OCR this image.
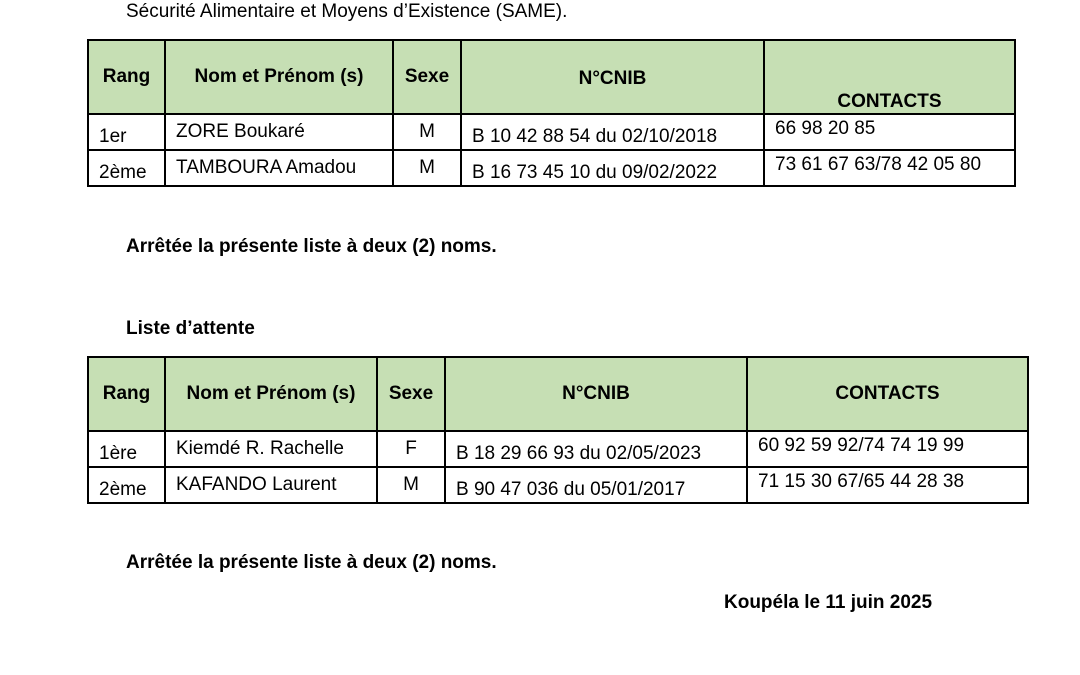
Sécurité Alimentaire et Moyens d’Existence (SAME).
Rang	Nom et Prénom (s)	Sexe	N°CNIB	CONTACTS
1er	ZORE Boukaré	M	B 10 42 88 54 du 02/10/2018	66 98 20 85
2ème	TAMBOURA Amadou	M	B 16 73 45 10 du 09/02/2022	73 61 67 63/78 42 05 80
Arrêtée la présente liste à deux (2) noms.
Liste d’attente
Rang	Nom et Prénom (s)	Sexe	N°CNIB	CONTACTS
1ère	Kiemdé R. Rachelle	F	B 18 29 66 93 du 02/05/2023	60 92 59 92/74 74 19 99
2ème	KAFANDO Laurent	M	B 90 47 036 du 05/01/2017	71 15 30 67/65 44 28 38
Arrêtée la présente liste à deux (2) noms.
Koupéla le 11 juin 2025
